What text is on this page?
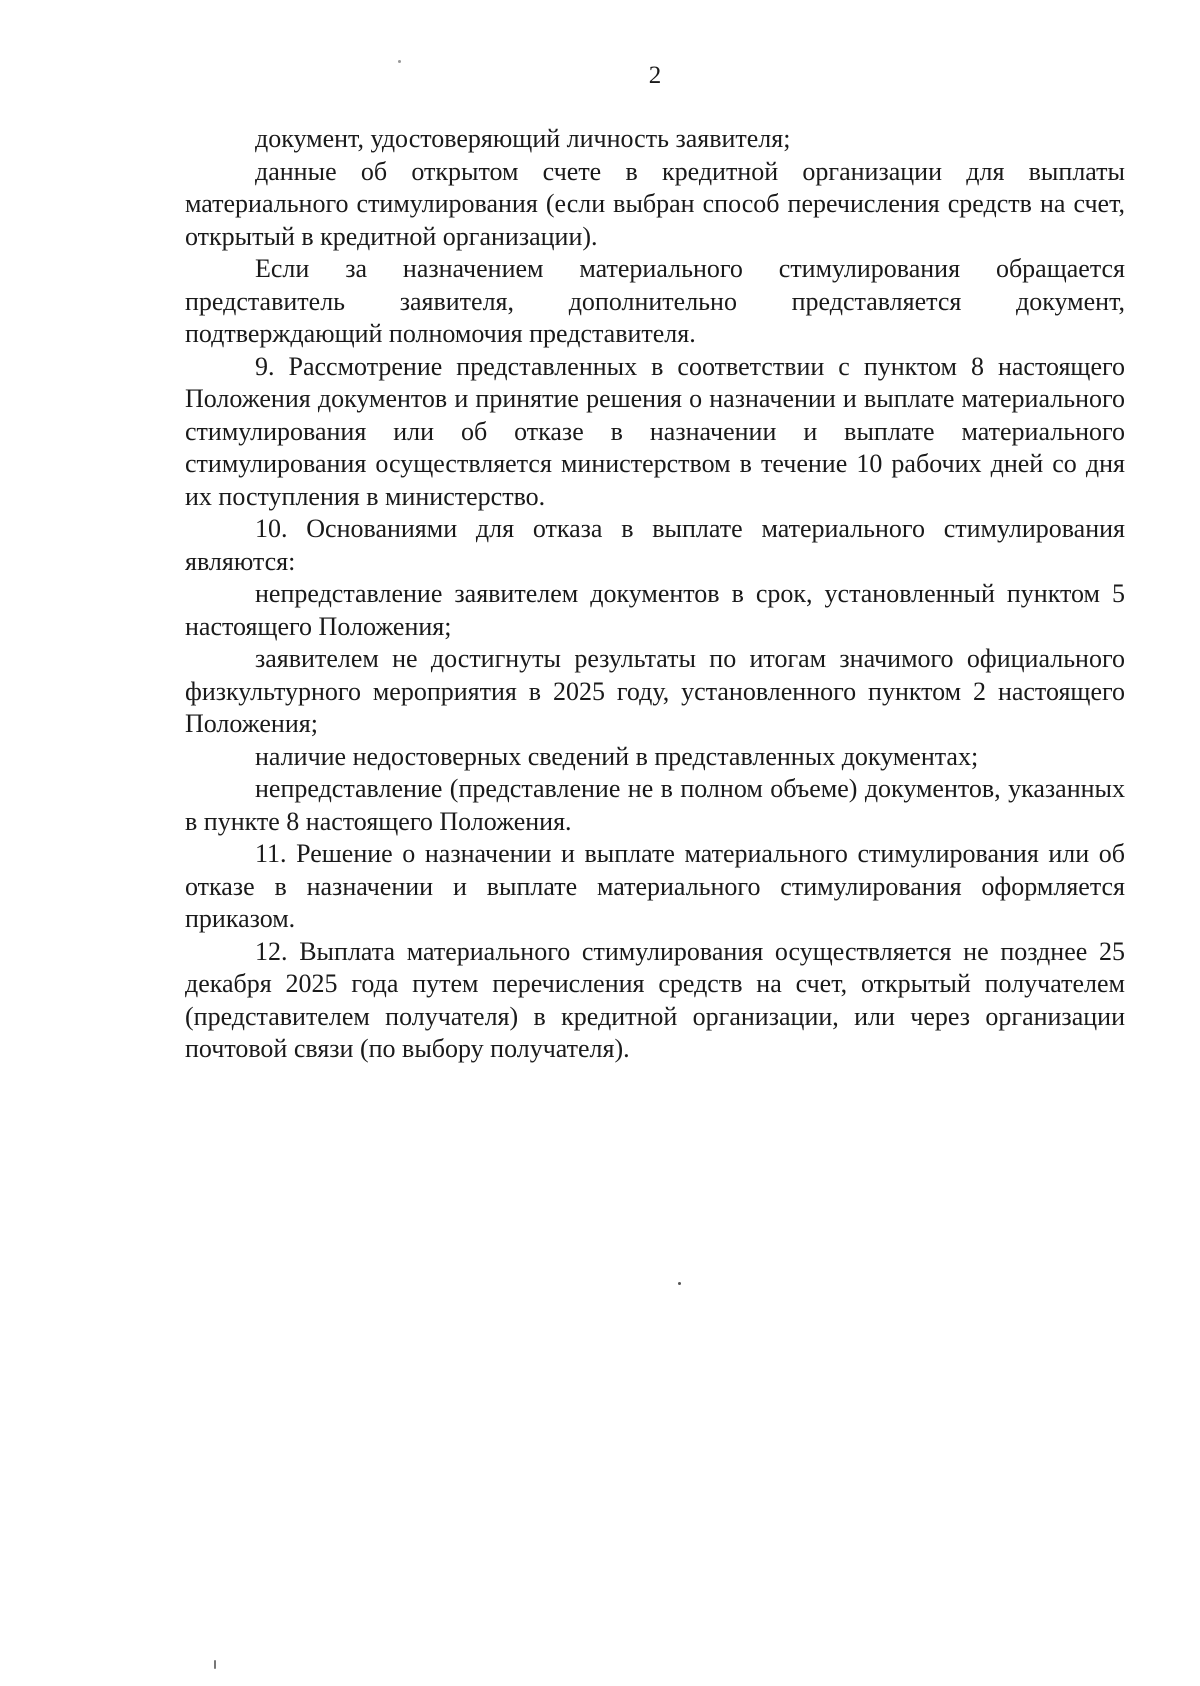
2

документ, удостоверяющий личность заявителя;

данные об открытом счете в кредитной организации для выплаты материального стимулирования (если выбран способ перечисления средств на счет, открытый в кредитной организации).

Если за назначением материального стимулирования обращается представитель заявителя, дополнительно представляется документ, подтверждающий полномочия представителя.

9. Рассмотрение представленных в соответствии с пунктом 8 настоящего Положения документов и принятие решения о назначении и выплате материального стимулирования или об отказе в назначении и выплате материального стимулирования осуществляется министерством в течение 10 рабочих дней со дня их поступления в министерство.

10. Основаниями для отказа в выплате материального стимулирования являются:

непредставление заявителем документов в срок, установленный пунктом 5 настоящего Положения;

заявителем не достигнуты результаты по итогам значимого официального физкультурного мероприятия в 2025 году, установленного пунктом 2 настоящего Положения;

наличие недостоверных сведений в представленных документах;

непредставление (представление не в полном объеме) документов, указанных в пункте 8 настоящего Положения.

11. Решение о назначении и выплате материального стимулирования или об отказе в назначении и выплате материального стимулирования оформляется приказом.

12. Выплата материального стимулирования осуществляется не позднее 25 декабря 2025 года путем перечисления средств на счет, открытый получателем (представителем получателя) в кредитной организации, или через организации почтовой связи (по выбору получателя).
